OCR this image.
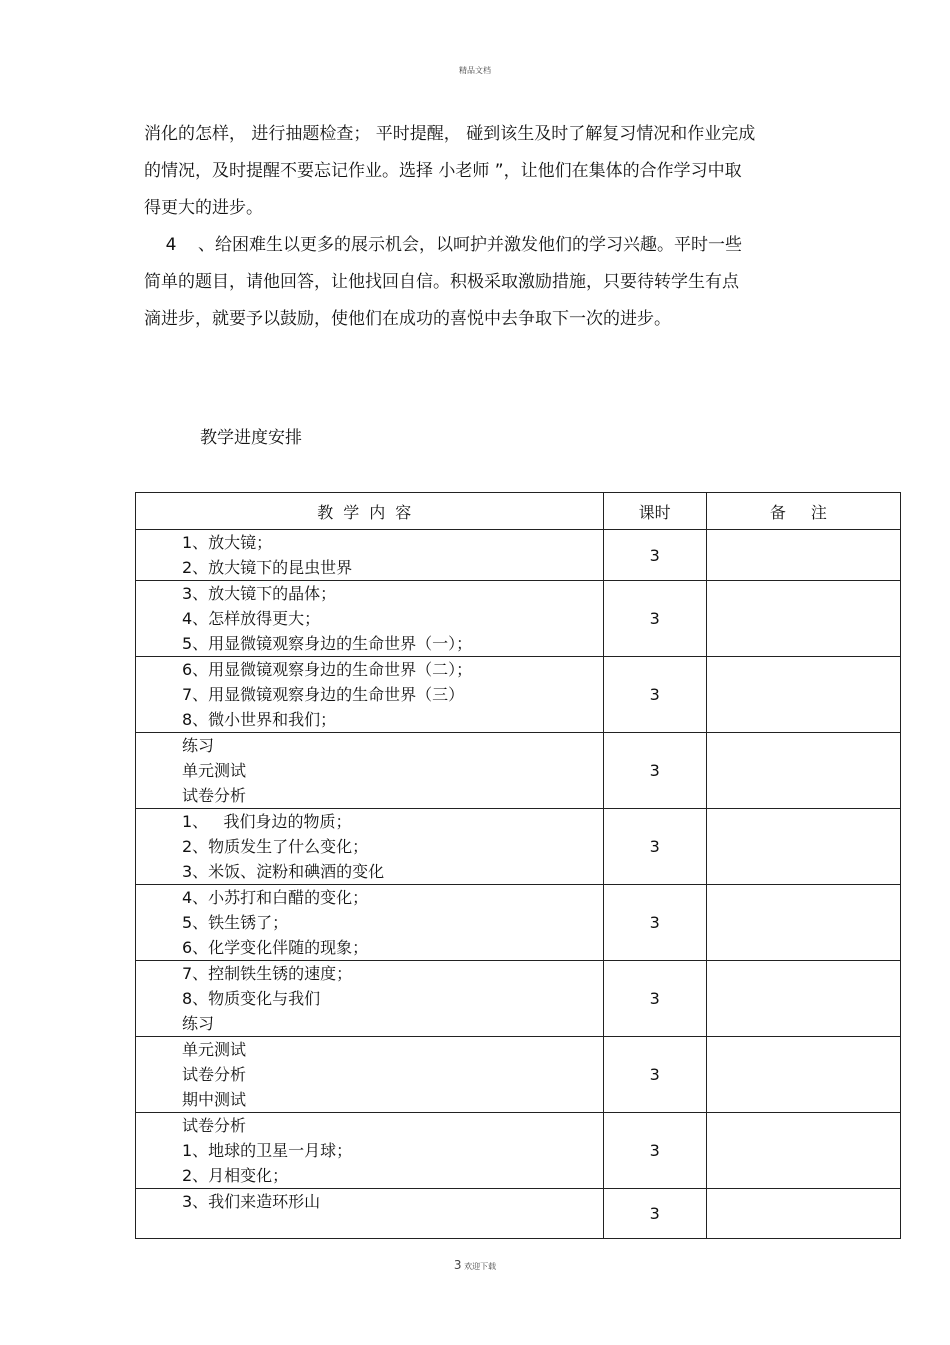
精品文档

消化的怎样， 进行抽题检查； 平时提醒， 碰到该生及时了解复习情况和作业完成

的情况，及时提醒不要忘记作业。选择 小老师 ”，让他们在集体的合作学习中取

得更大的进步。

4    、给困难生以更多的展示机会，以呵护并激发他们的学习兴趣。平时一些

简单的题目，请他回答，让他找回自信。积极采取激励措施，只要待转学生有点

滴进步，就要予以鼓励，使他们在成功的喜悦中去争取下一次的进步。

教学进度安排
教学内容	课时	备 注

1、放大镜；
2、放大镜下的昆虫世界	3	

3、放大镜下的晶体；
4、怎样放得更大；
5、用显微镜观察身边的生命世界（一）；	3	

6、用显微镜观察身边的生命世界（二）；
7、用显微镜观察身边的生命世界（三）
8、微小世界和我们；	3	

练习
单元测试
试卷分析	3	

1、   我们身边的物质；
2、物质发生了什么变化；
3、米饭、淀粉和碘酒的变化	3	

4、小苏打和白醋的变化；
5、铁生锈了；
6、化学变化伴随的现象；	3	

7、控制铁生锈的速度；
8、物质变化与我们
练习	3	

单元测试
试卷分析
期中测试	3	

试卷分析
1、地球的卫星一月球；
2、月相变化；	3	

3、我们来造环形山	3	
3 欢迎下载
